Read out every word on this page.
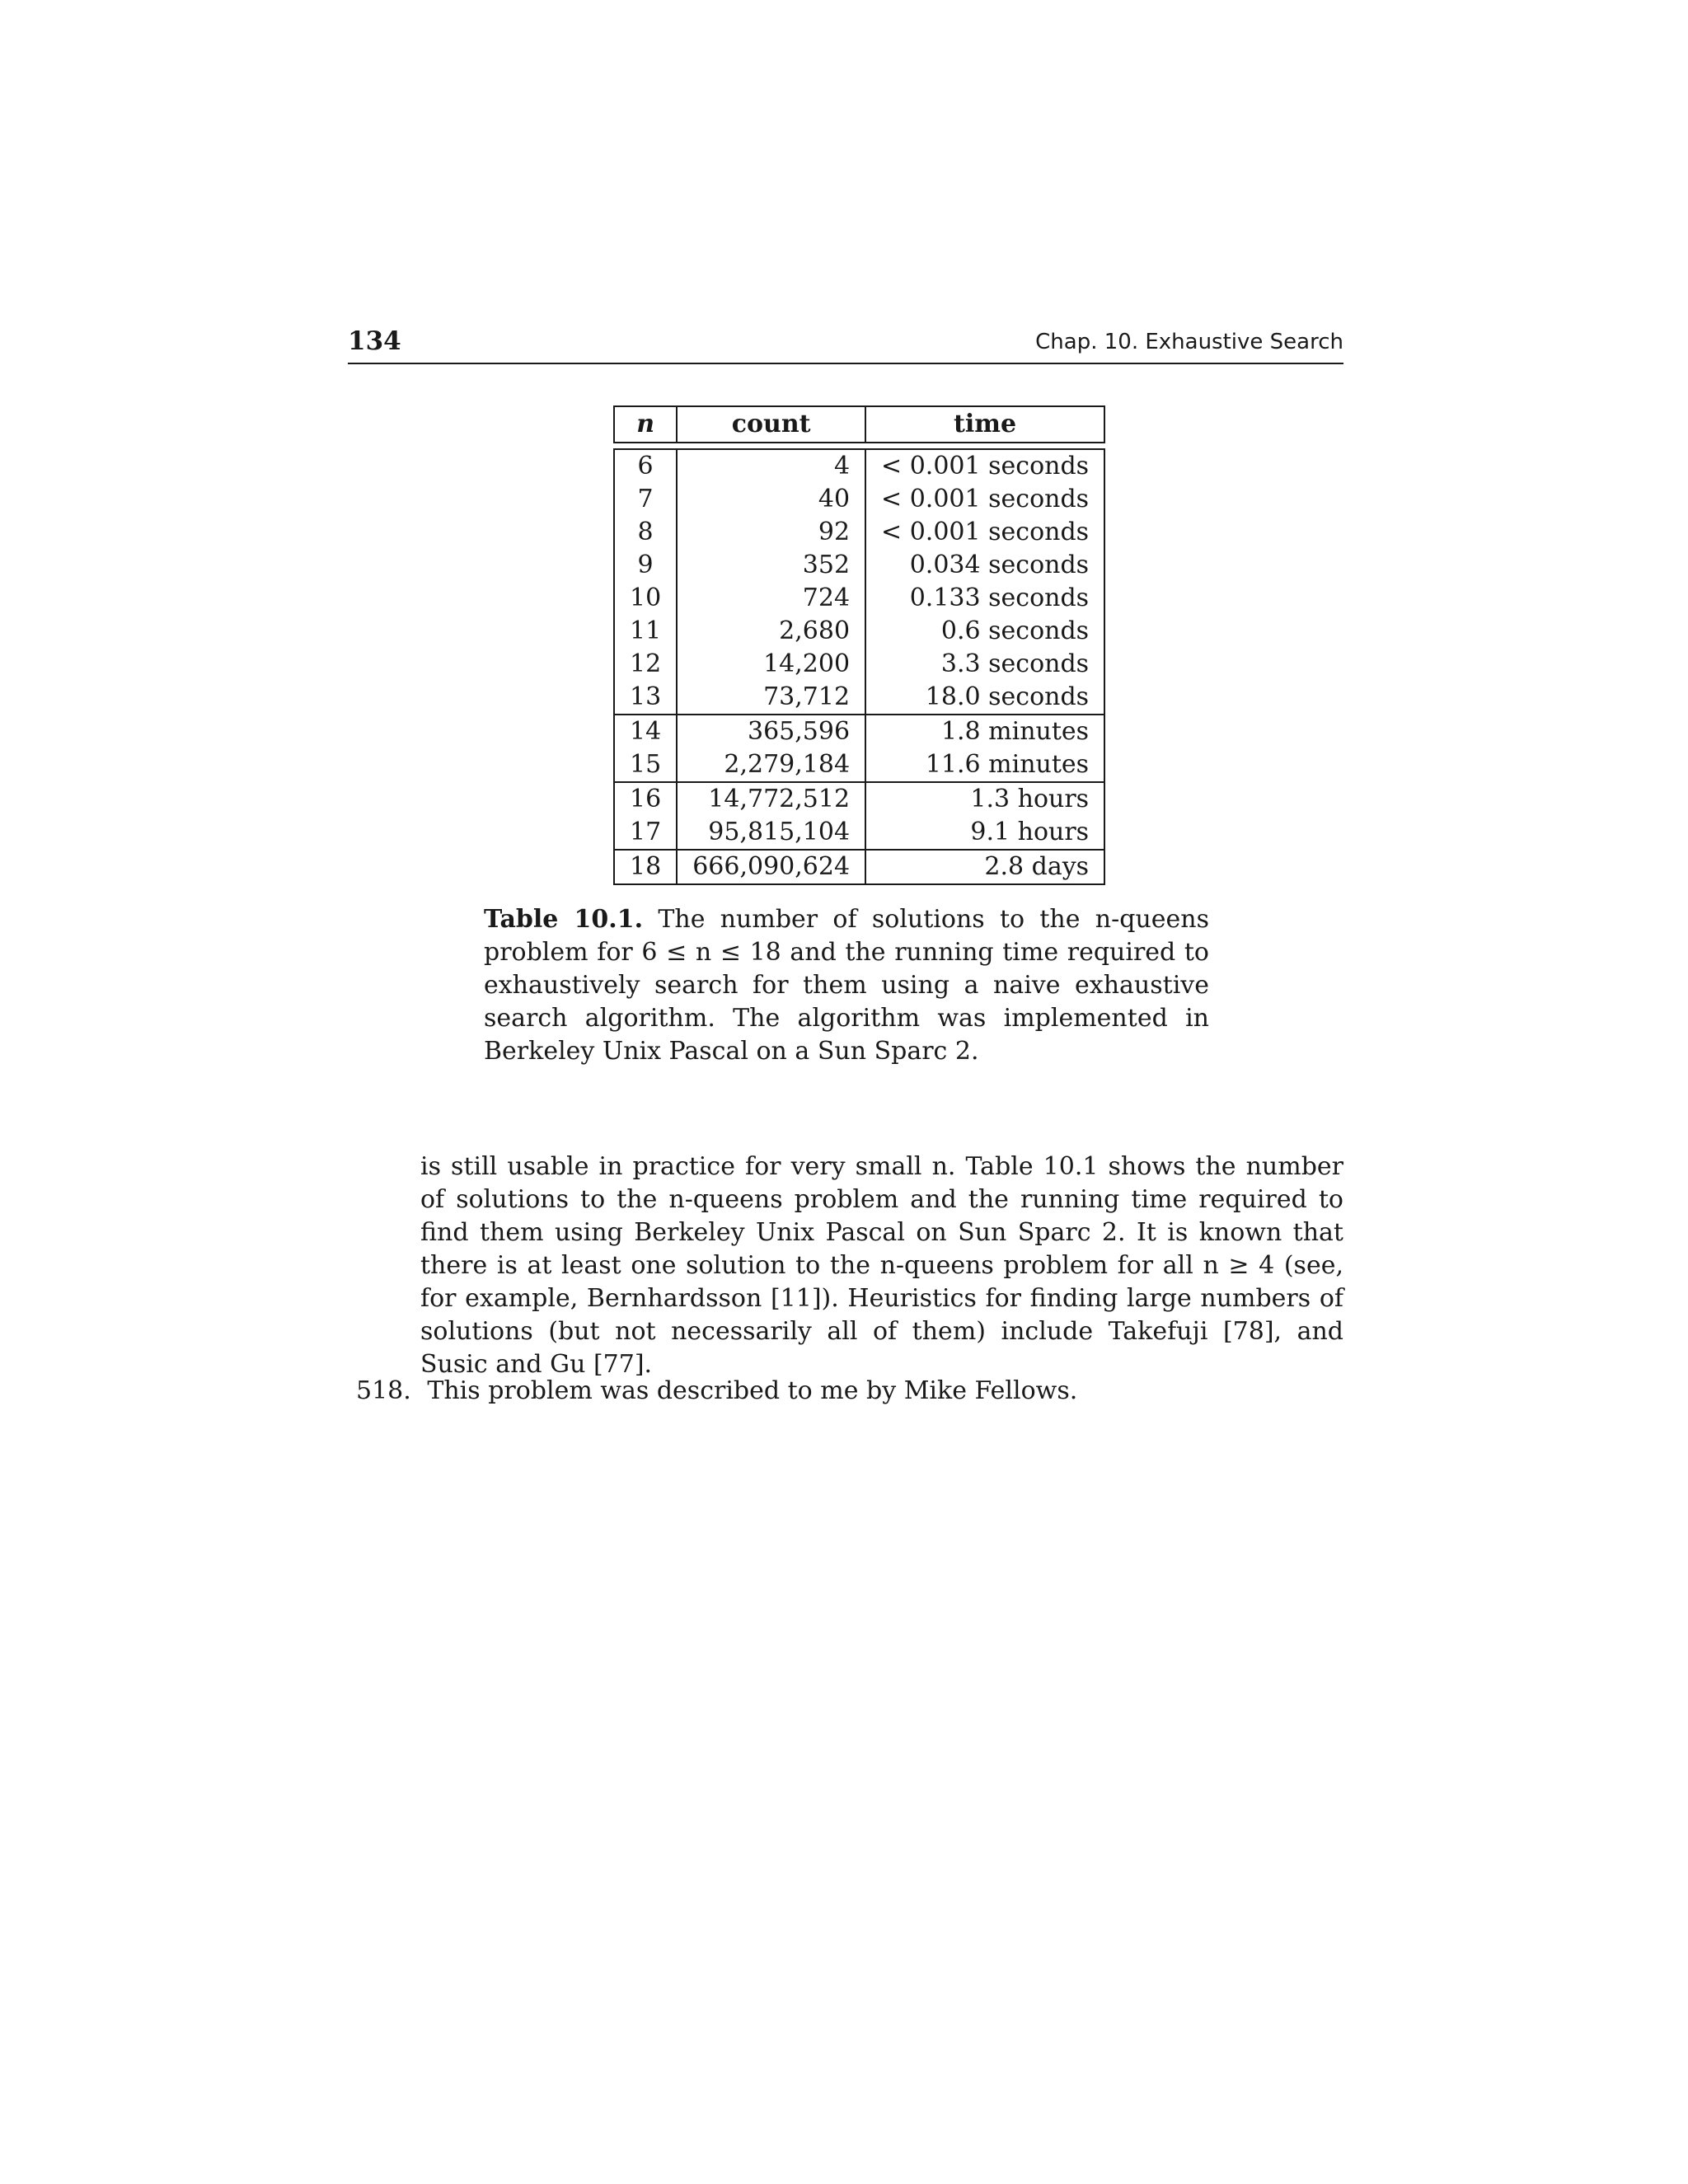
134	Chap. 10. Exhaustive Search
n	count	time

6	4	< 0.001 seconds
7	40	< 0.001 seconds
8	92	< 0.001 seconds
9	352	0.034 seconds
10	724	0.133 seconds
11	2,680	0.6 seconds
12	14,200	3.3 seconds
13	73,712	18.0 seconds
14	365,596	1.8 minutes
15	2,279,184	11.6 minutes
16	14,772,512	1.3 hours
17	95,815,104	9.1 hours
18	666,090,624	2.8 days
Table 10.1. The number of solutions to the n-queens problem for 6 ≤ n ≤ 18 and the running time required to exhaustively search for them using a naive exhaustive search algorithm. The algorithm was implemented in Berkeley Unix Pascal on a Sun Sparc 2.
is still usable in practice for very small n. Table 10.1 shows the number of solutions to the n-queens problem and the running time required to find them using Berkeley Unix Pascal on Sun Sparc 2. It is known that there is at least one solution to the n-queens problem for all n ≥ 4 (see, for example, Bernhardsson [11]). Heuristics for finding large numbers of solutions (but not necessarily all of them) include Takefuji [78], and Susic and Gu [77].
518. This problem was described to me by Mike Fellows.
